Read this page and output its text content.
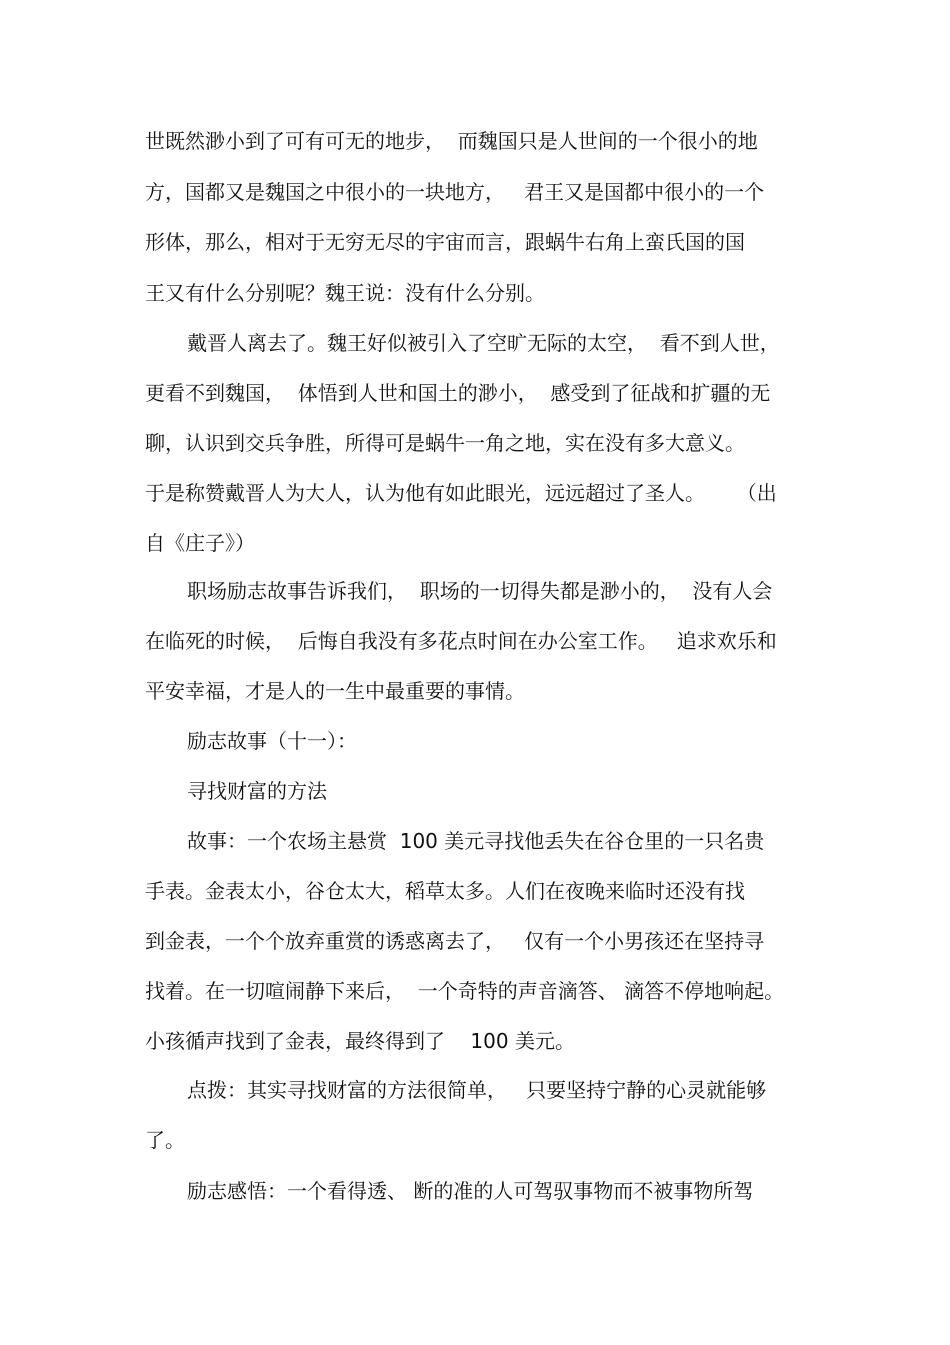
世既然渺小到了可有可无的地步，  而魏国只是人世间的一个很小的地
方，国都又是魏国之中很小的一块地方，   君王又是国都中很小的一个
形体，那么，相对于无穷无尽的宇宙而言，跟蜗牛右角上蛮氏国的国
王又有什么分别呢？魏王说：没有什么分别。
戴晋人离去了。魏王好似被引入了空旷无际的太空，  看不到人世，
更看不到魏国，  体悟到人世和国土的渺小，  感受到了征战和扩疆的无
聊，认识到交兵争胜，所得可是蜗牛一角之地，实在没有多大意义。
于是称赞戴晋人为大人，认为他有如此眼光，远远超过了圣人。     （出
自《庄子》）
职场励志故事告诉我们，  职场的一切得失都是渺小的，  没有人会
在临死的时候，  后悔自我没有多花点时间在办公室工作。   追求欢乐和
平安幸福，才是人的一生中最重要的事情。
励志故事（十一）：
寻找财富的方法
故事：一个农场主悬赏  100 美元寻找他丢失在谷仓里的一只名贵
手表。金表太小，谷仓太大，稻草太多。人们在夜晚来临时还没有找
到金表，一个个放弃重赏的诱惑离去了，   仅有一个小男孩还在坚持寻
找着。在一切喧闹静下来后，  一个奇特的声音滴答、 滴答不停地响起。
小孩循声找到了金表，最终得到了    100 美元。
点拨：其实寻找财富的方法很简单，   只要坚持宁静的心灵就能够
了。
励志感悟：一个看得透、 断的准的人可驾驭事物而不被事物所驾
